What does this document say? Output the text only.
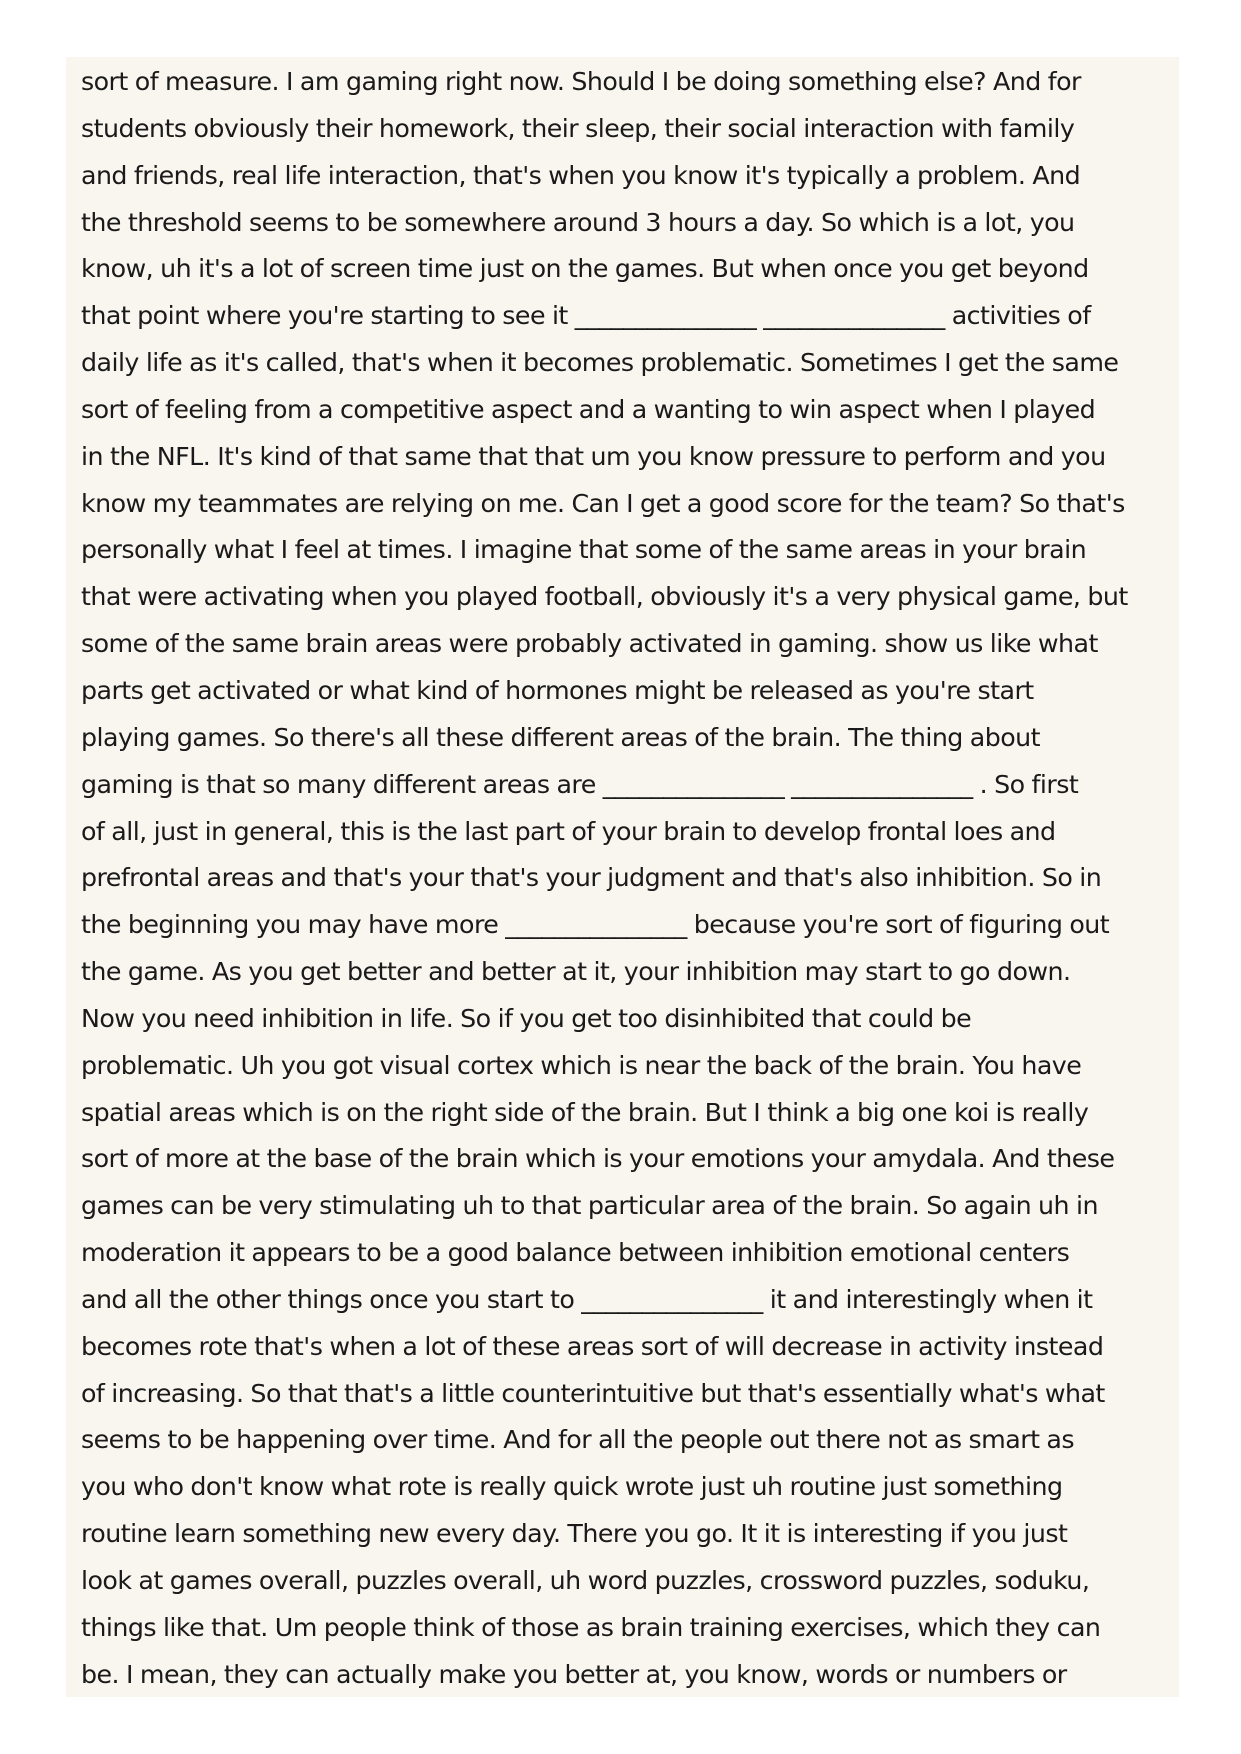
sort of measure. I am gaming right now. Should I be doing something else? And for
students obviously their homework, their sleep, their social interaction with family
and friends, real life interaction, that's when you know it's typically a problem. And
the threshold seems to be somewhere around 3 hours a day. So which is a lot, you
know, uh it's a lot of screen time just on the games. But when once you get beyond
that point where you're starting to see it _______________ _______________ activities of
daily life as it's called, that's when it becomes problematic. Sometimes I get the same
sort of feeling from a competitive aspect and a wanting to win aspect when I played
in the NFL. It's kind of that same that that um you know pressure to perform and you
know my teammates are relying on me. Can I get a good score for the team? So that's
personally what I feel at times. I imagine that some of the same areas in your brain
that were activating when you played football, obviously it's a very physical game, but
some of the same brain areas were probably activated in gaming. show us like what
parts get activated or what kind of hormones might be released as you're start
playing games. So there's all these different areas of the brain. The thing about
gaming is that so many different areas are _______________ _______________ . So first
of all, just in general, this is the last part of your brain to develop frontal loes and
prefrontal areas and that's your that's your judgment and that's also inhibition. So in
the beginning you may have more _______________ because you're sort of figuring out
the game. As you get better and better at it, your inhibition may start to go down.
Now you need inhibition in life. So if you get too disinhibited that could be
problematic. Uh you got visual cortex which is near the back of the brain. You have
spatial areas which is on the right side of the brain. But I think a big one koi is really
sort of more at the base of the brain which is your emotions your amydala. And these
games can be very stimulating uh to that particular area of the brain. So again uh in
moderation it appears to be a good balance between inhibition emotional centers
and all the other things once you start to _______________ it and interestingly when it
becomes rote that's when a lot of these areas sort of will decrease in activity instead
of increasing. So that that's a little counterintuitive but that's essentially what's what
seems to be happening over time. And for all the people out there not as smart as
you who don't know what rote is really quick wrote just uh routine just something
routine learn something new every day. There you go. It it is interesting if you just
look at games overall, puzzles overall, uh word puzzles, crossword puzzles, soduku,
things like that. Um people think of those as brain training exercises, which they can
be. I mean, they can actually make you better at, you know, words or numbers or
